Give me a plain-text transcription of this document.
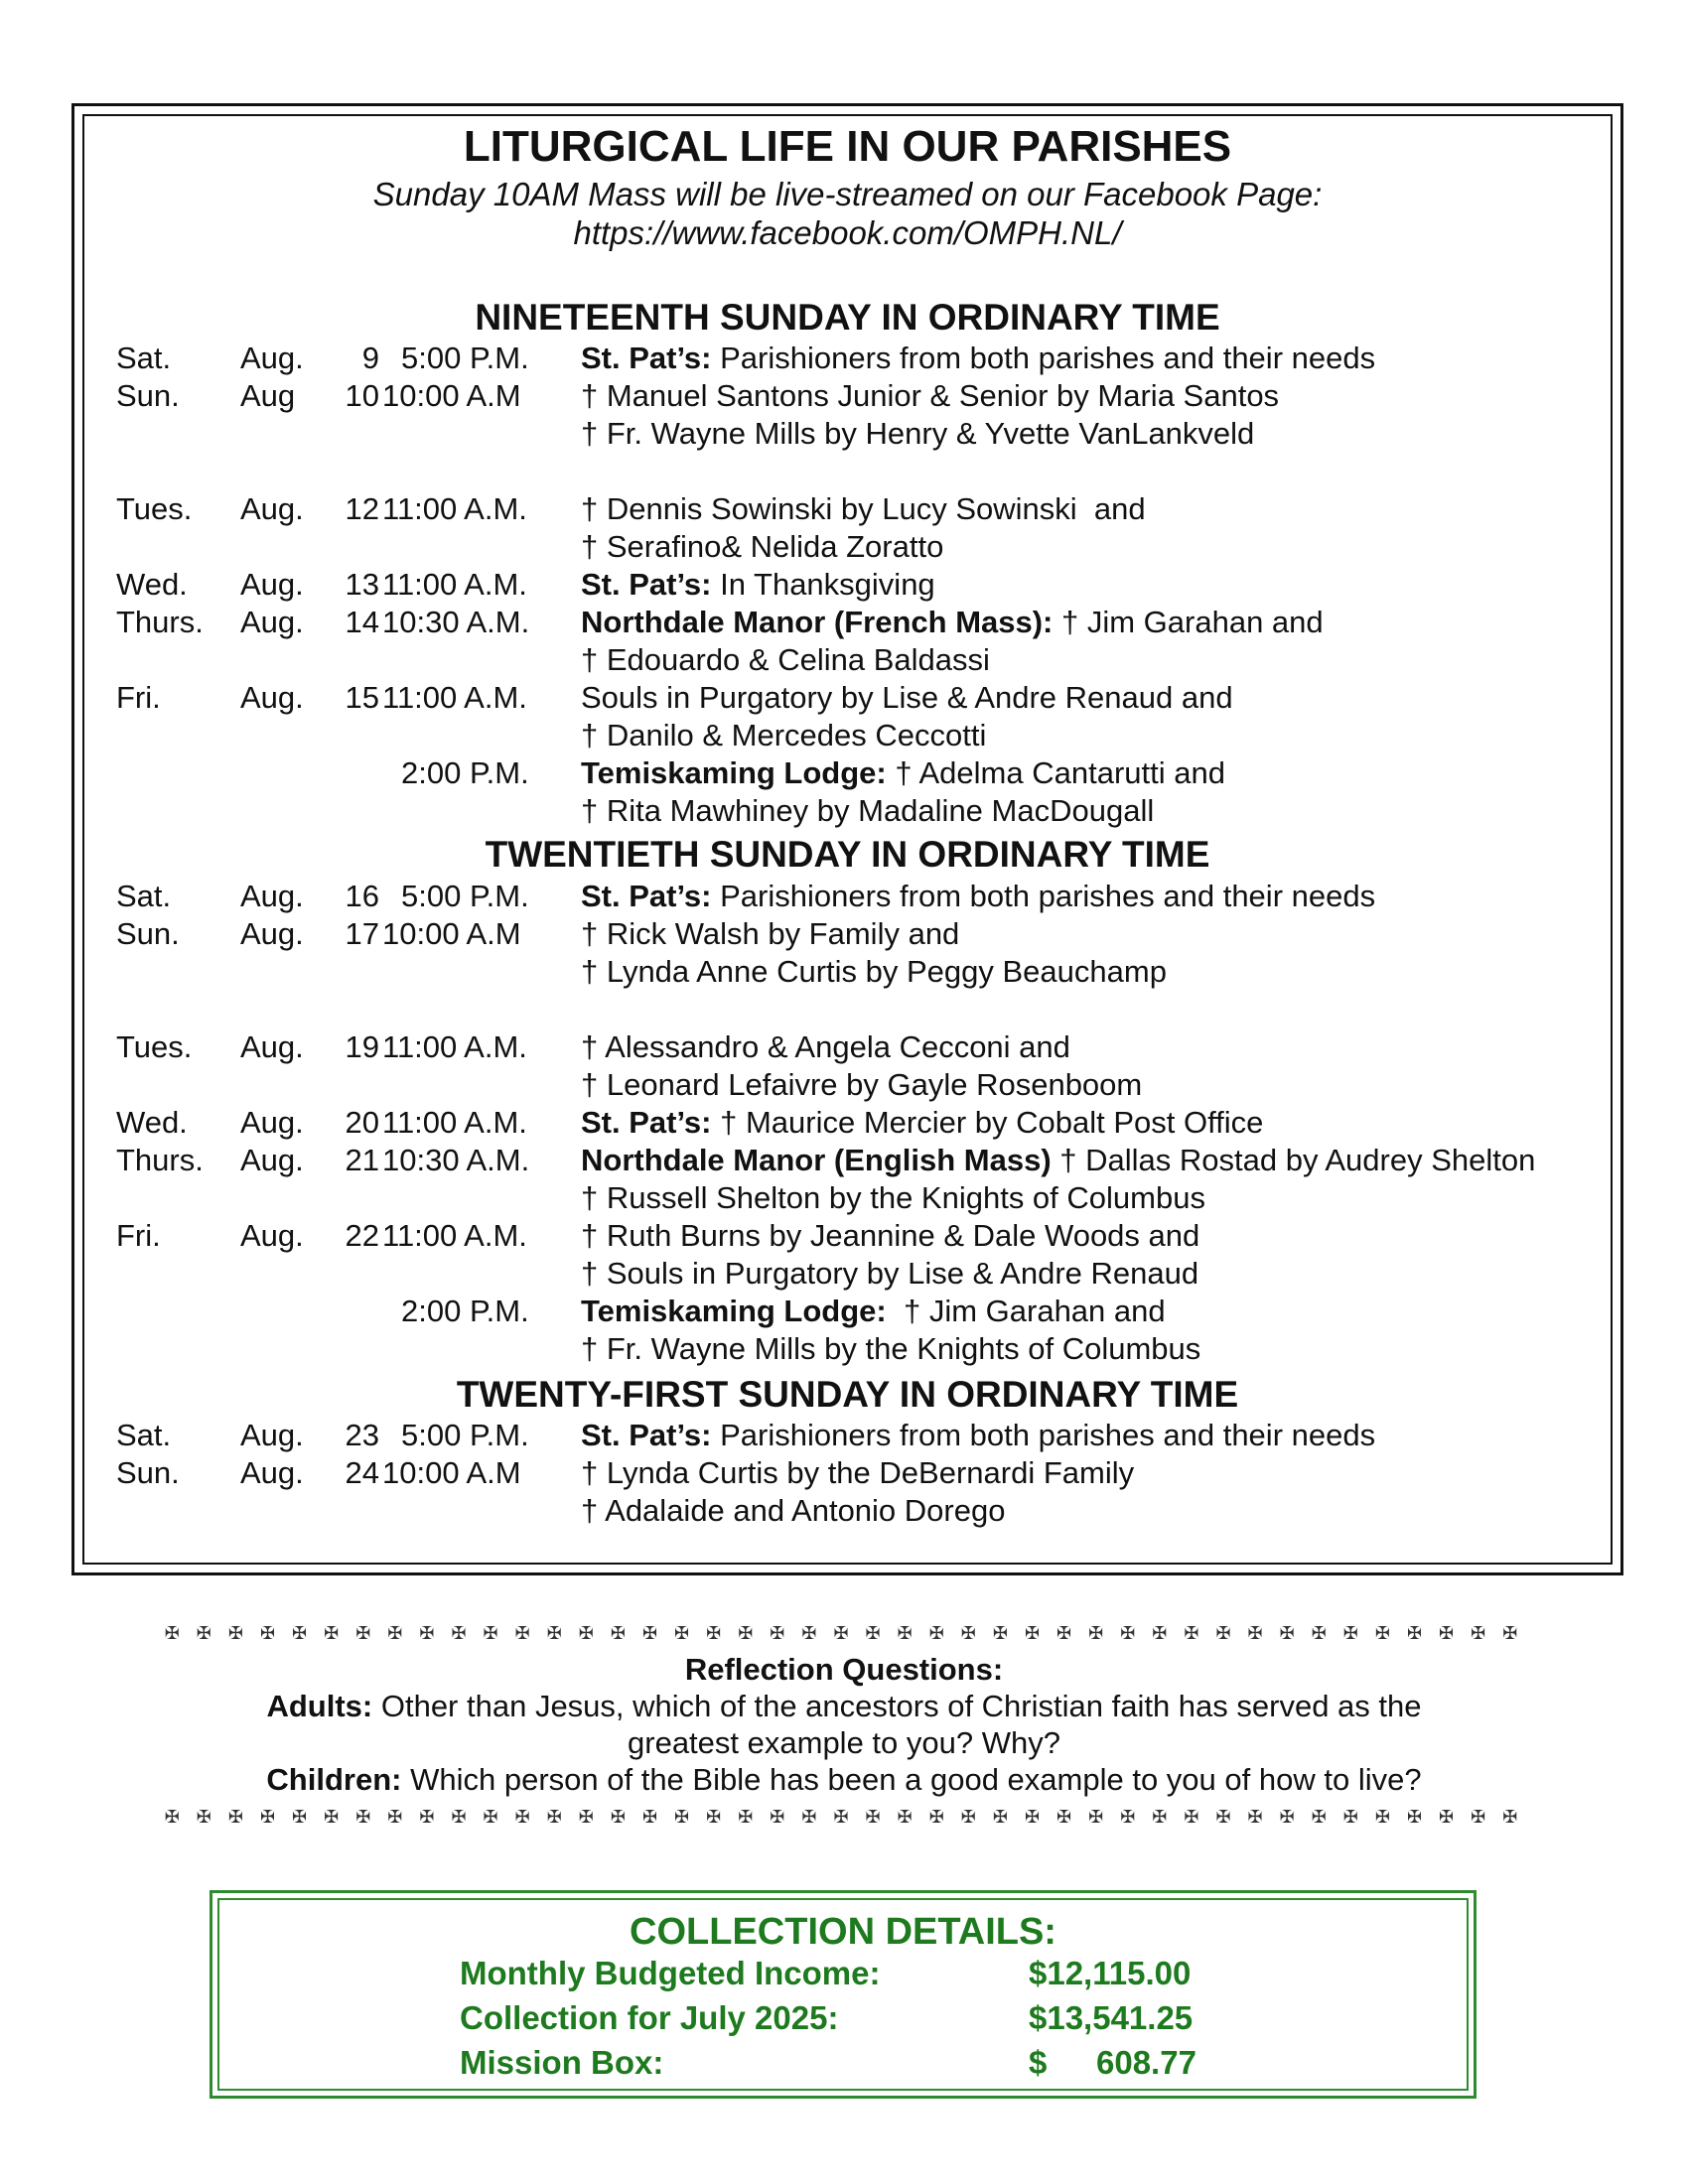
LITURGICAL LIFE IN OUR PARISHES
Sunday 10AM Mass will be live-streamed on our Facebook Page:
https://www.facebook.com/OMPH.NL/
NINETEENTH SUNDAY IN ORDINARY TIME
Sat. Aug.	9 5:00 P.M. St. Pat’s: Parishioners from both parishes and their needs
Sun. Aug	10 10:00 A.M † Manuel Santons Junior & Senior by Maria Santos
† Fr. Wayne Mills by Henry & Yvette VanLankveld
Tues. Aug.	12 11:00 A.M. † Dennis Sowinski by Lucy Sowinski  and
† Serafino& Nelida Zoratto
Wed. Aug.	13 11:00 A.M. St. Pat’s: In Thanksgiving
Thurs. Aug.	14 10:30 A.M. Northdale Manor (French Mass): † Jim Garahan and
† Edouardo & Celina Baldassi
Fri.	Aug.	15 11:00 A.M. Souls in Purgatory by Lise & Andre Renaud and
† Danilo & Mercedes Ceccotti
2:00 P.M. Temiskaming Lodge: † Adelma Cantarutti and
† Rita Mawhiney by Madaline MacDougall
TWENTIETH SUNDAY IN ORDINARY TIME
Sat. Aug.	16 5:00 P.M. St. Pat’s: Parishioners from both parishes and their needs
Sun. Aug.	17 10:00 A.M † Rick Walsh by Family and
† Lynda Anne Curtis by Peggy Beauchamp
Tues. Aug.	19 11:00 A.M. † Alessandro & Angela Cecconi and
† Leonard Lefaivre by Gayle Rosenboom
Wed. Aug.	20 11:00 A.M. St. Pat’s: † Maurice Mercier by Cobalt Post Office
Thurs. Aug.	21 10:30 A.M. Northdale Manor (English Mass) † Dallas Rostad by Audrey Shelton
† Russell Shelton by the Knights of Columbus
Fri.	Aug.	22 11:00 A.M. † Ruth Burns by Jeannine & Dale Woods and
† Souls in Purgatory by Lise & Andre Renaud
2:00 P.M. Temiskaming Lodge:  † Jim Garahan and
† Fr. Wayne Mills by the Knights of Columbus
TWENTY-FIRST SUNDAY IN ORDINARY TIME
Sat. Aug.	23 5:00 P.M. St. Pat’s: Parishioners from both parishes and their needs
Sun. Aug.	24 10:00 A.M † Lynda Curtis by the DeBernardi Family
† Adalaide and Antonio Dorego
✠ ✠ ✠ ✠ ✠ ✠ ✠ ✠ ✠ ✠ ✠ ✠ ✠ ✠ ✠ ✠ ✠ ✠ ✠ ✠ ✠ ✠ ✠ ✠ ✠ ✠ ✠ ✠ ✠ ✠ ✠ ✠ ✠ ✠ ✠ ✠ ✠ ✠ ✠ ✠ ✠ ✠ ✠
Reflection Questions:
Adults: Other than Jesus, which of the ancestors of Christian faith has served as the
greatest example to you? Why?
Children: Which person of the Bible has been a good example to you of how to live?
✠ ✠ ✠ ✠ ✠ ✠ ✠ ✠ ✠ ✠ ✠ ✠ ✠ ✠ ✠ ✠ ✠ ✠ ✠ ✠ ✠ ✠ ✠ ✠ ✠ ✠ ✠ ✠ ✠ ✠ ✠ ✠ ✠ ✠ ✠ ✠ ✠ ✠ ✠ ✠ ✠ ✠ ✠
COLLECTION DETAILS:
Monthly Budgeted Income:	$12,115.00
Collection for July 2025:	$13,541.25
Mission Box:	$ 608.77
